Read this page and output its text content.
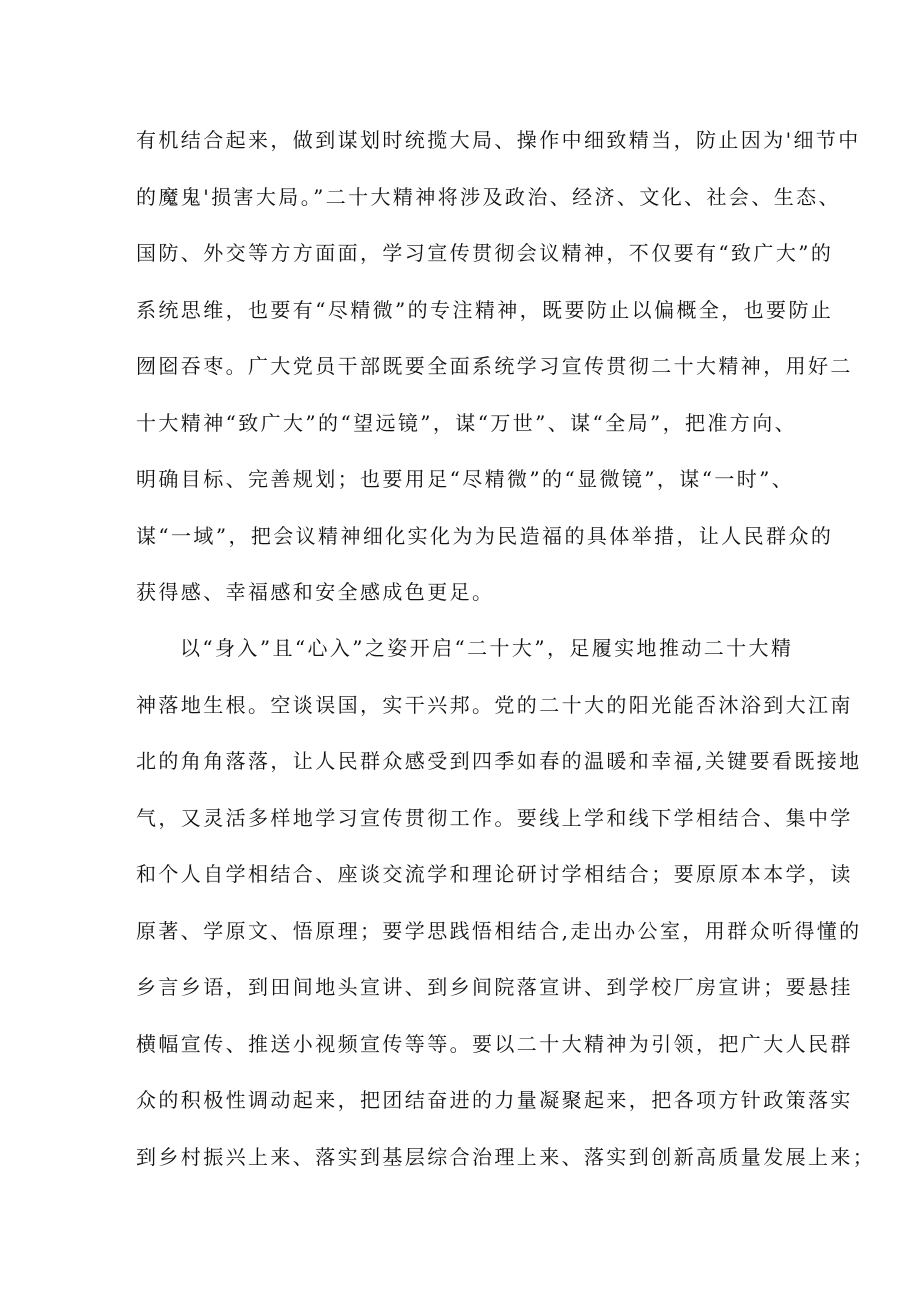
有机结合起来，做到谋划时统揽大局、操作中细致精当，防止因为'细节中
的魔鬼'损害大局。”二十大精神将涉及政治、经济、文化、社会、生态、
国防、外交等方方面面，学习宣传贯彻会议精神，不仅要有“致广大”的
系统思维，也要有“尽精微”的专注精神，既要防止以偏概全，也要防止
囫囵吞枣。广大党员干部既要全面系统学习宣传贯彻二十大精神，用好二
十大精神“致广大”的“望远镜”，谋“万世”、谋“全局”，把准方向、
明确目标、完善规划；也要用足“尽精微”的“显微镜”，谋“一时”、
谋“一域”，把会议精神细化实化为为民造福的具体举措，让人民群众的
获得感、幸福感和安全感成色更足。
以“身入”且“心入”之姿开启“二十大”，足履实地推动二十大精
神落地生根。空谈误国，实干兴邦。党的二十大的阳光能否沐浴到大江南
北的角角落落，让人民群众感受到四季如春的温暖和幸福,关键要看既接地
气，又灵活多样地学习宣传贯彻工作。要线上学和线下学相结合、集中学
和个人自学相结合、座谈交流学和理论研讨学相结合；要原原本本学，读
原著、学原文、悟原理；要学思践悟相结合,走出办公室，用群众听得懂的
乡言乡语，到田间地头宣讲、到乡间院落宣讲、到学校厂房宣讲；要悬挂
横幅宣传、推送小视频宣传等等。要以二十大精神为引领，把广大人民群
众的积极性调动起来，把团结奋进的力量凝聚起来，把各项方针政策落实
到乡村振兴上来、落实到基层综合治理上来、落实到创新高质量发展上来；
